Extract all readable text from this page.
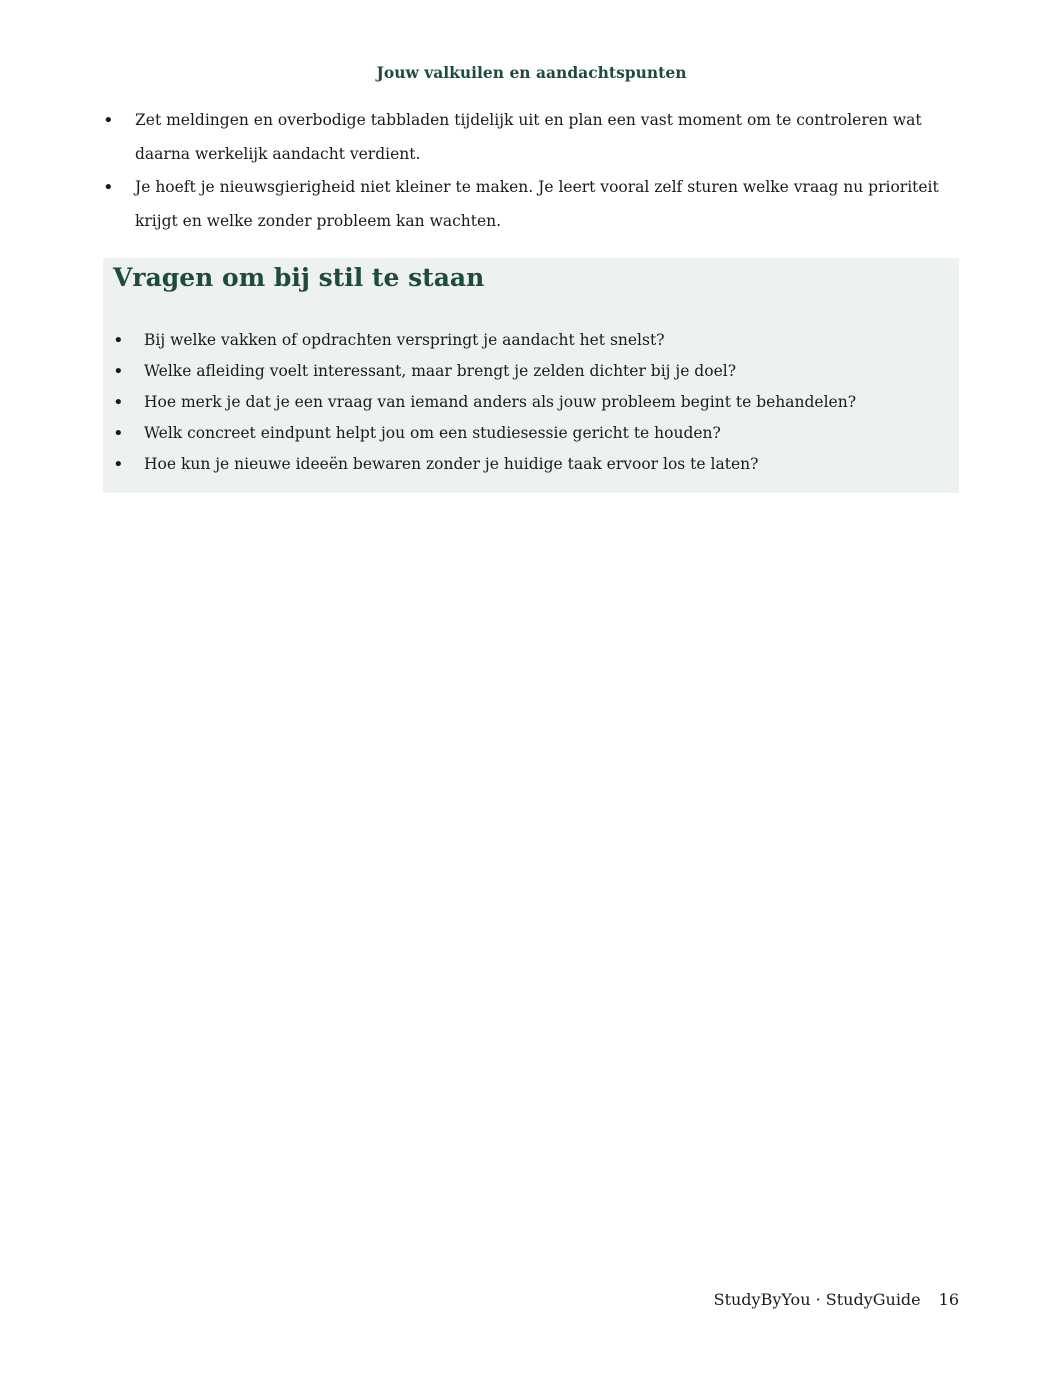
Jouw valkuilen en aandachtspunten
• Zet meldingen en overbodige tabbladen tijdelijk uit en plan een vast moment om te controleren wat daarna werkelijk aandacht verdient.
• Je hoeft je nieuwsgierigheid niet kleiner te maken. Je leert vooral zelf sturen welke vraag nu prioriteit krijgt en welke zonder probleem kan wachten.
Vragen om bij stil te staan
• Bij welke vakken of opdrachten verspringt je aandacht het snelst?
• Welke afleiding voelt interessant, maar brengt je zelden dichter bij je doel?
• Hoe merk je dat je een vraag van iemand anders als jouw probleem begint te behandelen?
• Welk concreet eindpunt helpt jou om een studiesessie gericht te houden?
• Hoe kun je nieuwe ideeën bewaren zonder je huidige taak ervoor los te laten?
StudyByYou · StudyGuide 16
